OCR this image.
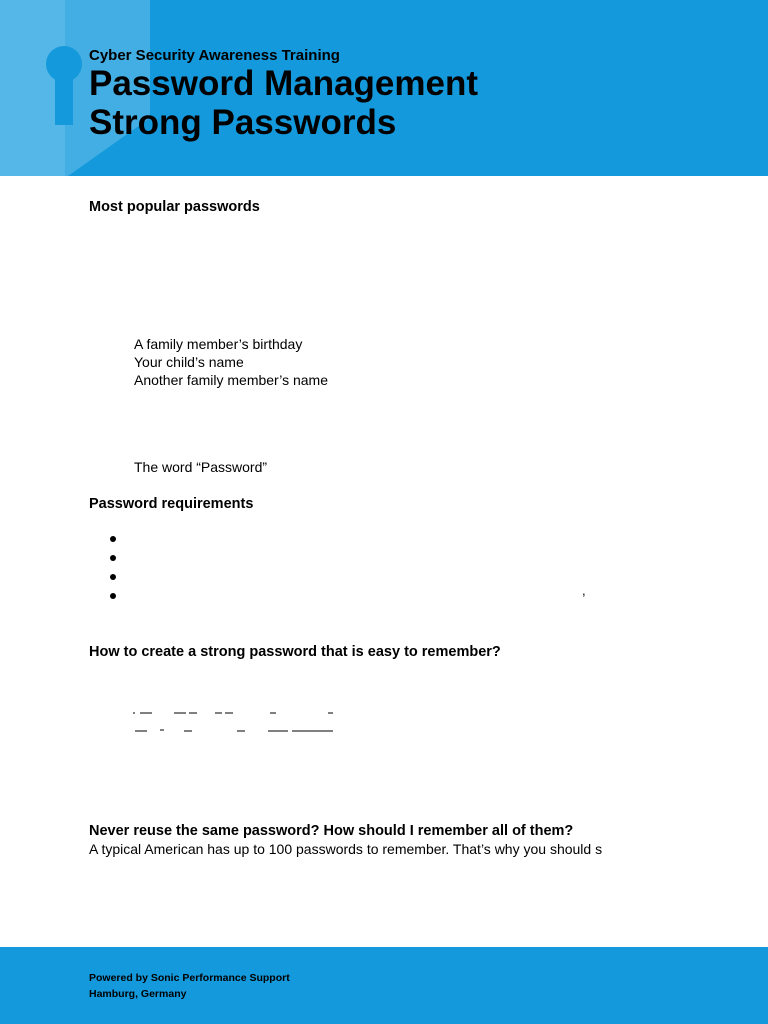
Cyber Security Awareness Training
Password Management
Strong Passwords
Most popular passwords
A family member’s birthday
Your child’s name
Another family member’s name
The word “Password”
Password requirements
,
How to create a strong password that is easy to remember?
Never reuse the same password? How should I remember all of them?
A typical American has up to 100 passwords to remember. That’s why you should s
Powered by Sonic Performance Support
Hamburg, Germany
